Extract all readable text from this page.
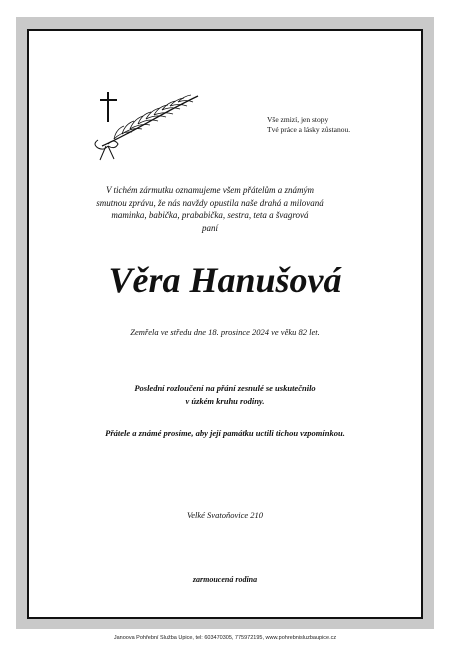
Vše zmizí, jen stopy
Tvé práce a lásky zůstanou.
V tichém zármutku oznamujeme všem přátelům a známým
smutnou zprávu, že nás navždy opustila naše drahá a milovaná
maminka, babička, prababička, sestra, teta a švagrová
paní
Věra Hanušová
Zemřela ve středu dne 18. prosince 2024 ve věku 82 let.
Poslední rozloučení na přání zesnulé se uskutečnilo
v úzkém kruhu rodiny.
Přátele a známé prosíme, aby její památku uctili tichou vzpomínkou.
Velké Svatoňovice 210
zarmoucená rodina
Janoova Pohřební Služba Upice, tel: 603470305, 775972195, www.pohrebnisluzbaupice.cz
